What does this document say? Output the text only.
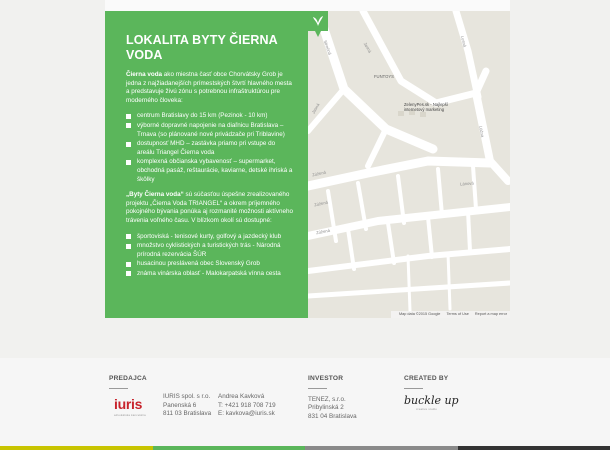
LOKALITA BYTY ČIERNA VODA

Čierna voda ako miestna časť obce Chorvátsky Grob je jedna z najžiadanejších prímestských štvrtí hlavného mesta a predstavuje živú zónu s potrebnou infraštruktúrou pre moderného človeka:

centrum Bratislavy do 15 km (Pezinok - 10 km)
výborné dopravné napojenie na diaľnicu Bratislava – Trnava (so plánované nové privádzače pri Triblavine)
dostupnosť MHD – zastávka priamo pri vstupe do areálu Triangel Čierna voda
komplexná občianska vybavenosť – supermarket, obchodná pasáž, reštaurácie, kaviarne, detské ihriská a škôlky

„Byty Čierna voda“ sú súčasťou úspešne zrealizovaného projektu „Čierna Voda TRIANGEL“ a okrem príjemného pokojného bývania ponúka aj rozmanité možnosti aktívneho trávenia voľného času. V blízkom okolí sú dostupné:

športoviská - tenisové kurty, golfový a jazdecký klub
množstvo cyklistických a turistických trás - Národná prírodná rezervácia ŠÚR
husacinou preslávená obec Slovenský Grob
známa vinárska oblasť - Malokarpatská vínna cesta
Slnečná	Jasná	Lesná
Jasná
Lúčna
Zúžená
Lánová
Zúžená
Zúžená
FUNTOYS
ZelenyPes.sk - Najlepší internetový marketing
Map data ©2015 Google Terms of Use Report a map error
PREDAJCA
iuris
advokátska kancelária
IURIS spol. s r.o.
Panenská 6
811 03 Bratislava
Andrea Kavková
T: +421 918 708 719
E: kavkova@iuris.sk
INVESTOR
TENEZ, s.r.o.
Pribylinská 2
831 04 Bratislava
CREATED BY
buckle up
creative studio
